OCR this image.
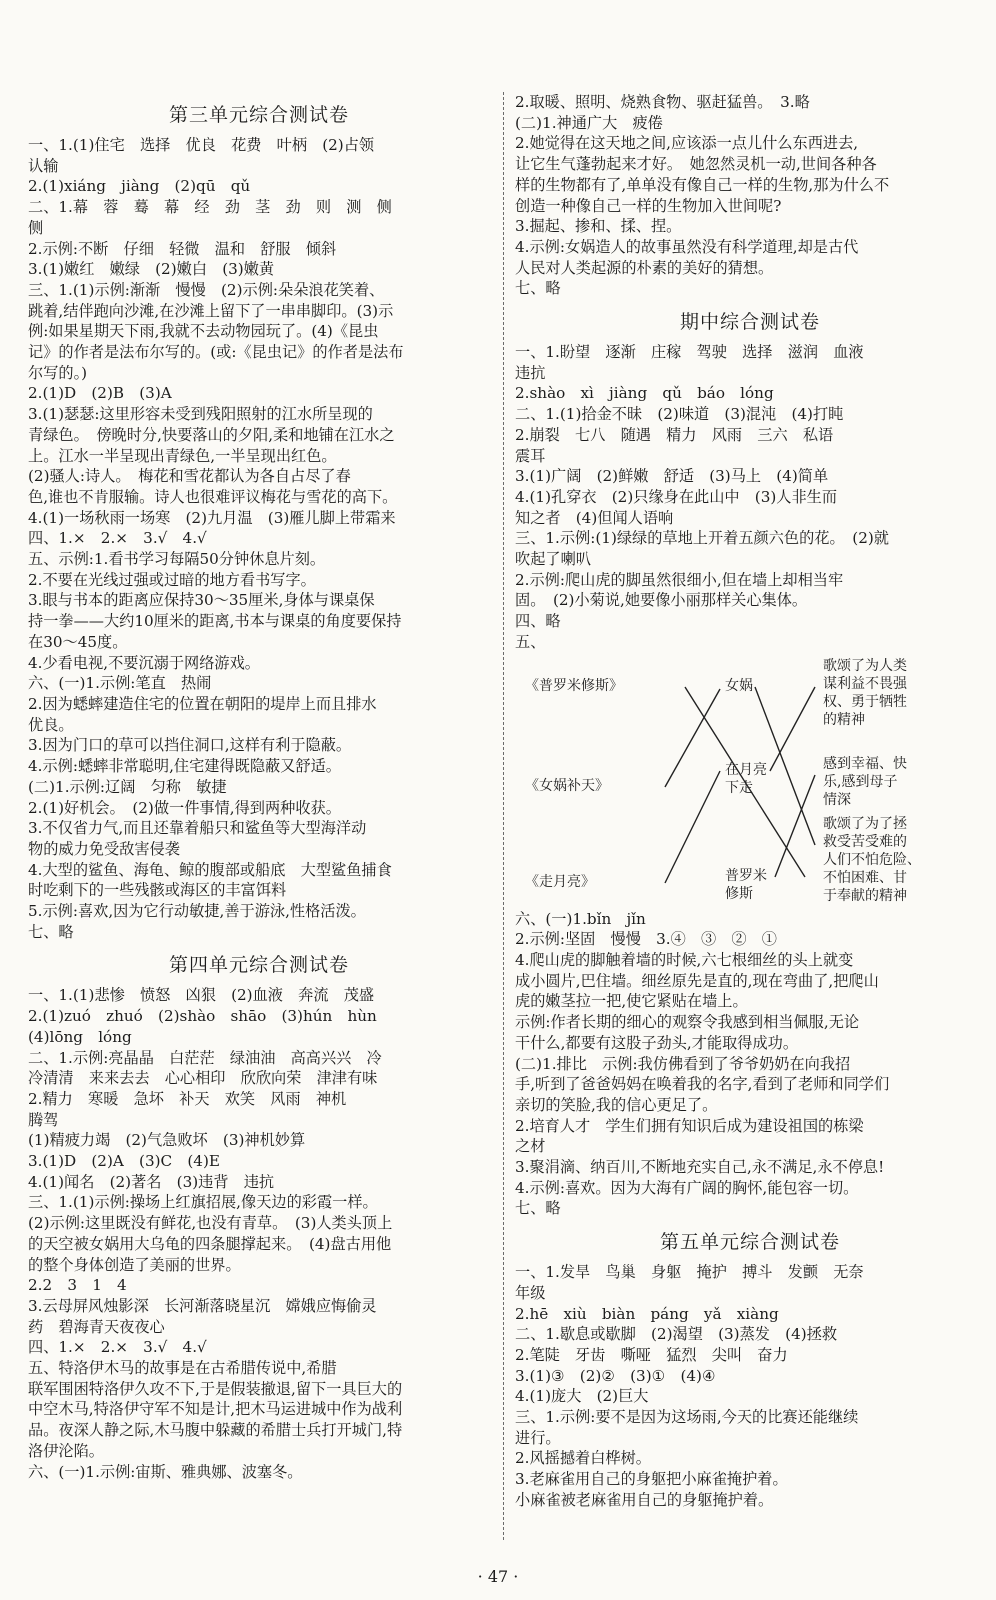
第三单元综合测试卷

一、1.(1)住宅　选择　优良　花费　叶柄　(2)占领

认输

2.(1)xiáng　jiàng　(2)qū　qǔ

二、1.幕　蓉　蓦　幕　经　劲　茎　劲　则　测　侧

侧

2.示例:不断　仔细　轻微　温和　舒服　倾斜

3.(1)嫩红　嫩绿　(2)嫩白　(3)嫩黄

三、1.(1)示例:渐渐　慢慢　(2)示例:朵朵浪花笑着、

跳着,结伴跑向沙滩,在沙滩上留下了一串串脚印。(3)示

例:如果星期天下雨,我就不去动物园玩了。(4)《昆虫

记》的作者是法布尔写的。(或:《昆虫记》的作者是法布

尔写的。)

2.(1)D　(2)B　(3)A

3.(1)瑟瑟:这里形容未受到残阳照射的江水所呈现的

青绿色。　傍晚时分,快要落山的夕阳,柔和地铺在江水之

上。江水一半呈现出青绿色,一半呈现出红色。

(2)骚人:诗人。　梅花和雪花都认为各自占尽了春

色,谁也不肯服输。诗人也很难评议梅花与雪花的高下。

4.(1)一场秋雨一场寒　(2)九月温　(3)雁儿脚上带霜来

四、1.×　2.×　3.√　4.√

五、示例:1.看书学习每隔50分钟休息片刻。

2.不要在光线过强或过暗的地方看书写字。

3.眼与书本的距离应保持30～35厘米,身体与课桌保

持一拳——大约10厘米的距离,书本与课桌的角度要保持

在30～45度。

4.少看电视,不要沉溺于网络游戏。

六、(一)1.示例:笔直　热闹

2.因为蟋蟀建造住宅的位置在朝阳的堤岸上而且排水

优良。

3.因为门口的草可以挡住洞口,这样有利于隐蔽。

4.示例:蟋蟀非常聪明,住宅建得既隐蔽又舒适。

(二)1.示例:辽阔　匀称　敏捷

2.(1)好机会。　(2)做一件事情,得到两种收获。

3.不仅省力气,而且还靠着船只和鲨鱼等大型海洋动

物的威力免受敌害侵袭

4.大型的鲨鱼、海龟、鲸的腹部或船底　大型鲨鱼捕食

时吃剩下的一些残骸或海区的丰富饵料

5.示例:喜欢,因为它行动敏捷,善于游泳,性格活泼。

七、略

第四单元综合测试卷

一、1.(1)悲惨　愤怒　凶狠　(2)血液　奔流　茂盛

2.(1)zuó　zhuó　(2)shào　shāo　(3)hún　hùn

(4)lōng　lóng

二、1.示例:亮晶晶　白茫茫　绿油油　高高兴兴　冷

冷清清　来来去去　心心相印　欣欣向荣　津津有味

2.精力　寒暖　急坏　补天　欢笑　风雨　神机

腾驾

(1)精疲力竭　(2)气急败坏　(3)神机妙算

3.(1)D　(2)A　(3)C　(4)E

4.(1)闻名　(2)著名　(3)违背　违抗

三、1.(1)示例:操场上红旗招展,像天边的彩霞一样。

(2)示例:这里既没有鲜花,也没有青草。　(3)人类头顶上

的天空被女娲用大乌龟的四条腿撑起来。　(4)盘古用他

的整个身体创造了美丽的世界。

2.2　3　1　4

3.云母屏风烛影深　长河渐落晓星沉　嫦娥应悔偷灵

药　碧海青天夜夜心

四、1.×　2.×　3.√　4.√

五、特洛伊木马的故事是在古希腊传说中,希腊

联军围困特洛伊久攻不下,于是假装撤退,留下一具巨大的

中空木马,特洛伊守军不知是计,把木马运进城中作为战利

品。夜深人静之际,木马腹中躲藏的希腊士兵打开城门,特

洛伊沦陷。

六、(一)1.示例:宙斯、雅典娜、波塞冬。

2.取暖、照明、烧熟食物、驱赶猛兽。　3.略

(二)1.神通广大　疲倦

2.她觉得在这天地之间,应该添一点儿什么东西进去,

让它生气蓬勃起来才好。　她忽然灵机一动,世间各种各

样的生物都有了,单单没有像自己一样的生物,那为什么不

创造一种像自己一样的生物加入世间呢?

3.掘起、掺和、揉、捏。

4.示例:女娲造人的故事虽然没有科学道理,却是古代

人民对人类起源的朴素的美好的猜想。

七、略

期中综合测试卷

一、1.盼望　逐渐　庄稼　驾驶　选择　滋润　血液

违抗

2.shào　xì　jiàng　qǔ　báo　lóng

二、1.(1)拾金不昧　(2)味道　(3)混沌　(4)打盹

2.崩裂　七八　随遇　精力　风雨　三六　私语

震耳

3.(1)广阔　(2)鲜嫩　舒适　(3)马上　(4)简单

4.(1)孔穿衣　(2)只缘身在此山中　(3)人非生而

知之者　(4)但闻人语响

三、1.示例:(1)绿绿的草地上开着五颜六色的花。　(2)就

吹起了喇叭

2.示例:爬山虎的脚虽然很细小,但在墙上却相当牢

固。　(2)小菊说,她要像小丽那样关心集体。

四、略

五、

《普罗米修斯》
《女娲补天》
《走月亮》
女娲
在月亮
下走
普罗米
修斯
歌颂了为人类
谋利益不畏强
权、勇于牺牲
的精神
感到幸福、快
乐,感到母子
情深
歌颂了为了拯
救受苦受难的
人们不怕危险、
不怕困难、甘
于奉献的精神

六、(一)1.bǐn　jǐn

2.示例:坚固　慢慢　3.④　③　②　①

4.爬山虎的脚触着墙的时候,六七根细丝的头上就变

成小圆片,巴住墙。细丝原先是直的,现在弯曲了,把爬山

虎的嫩茎拉一把,使它紧贴在墙上。

示例:作者长期的细心的观察令我感到相当佩服,无论

干什么,都要有这股子劲头,才能取得成功。

(二)1.排比　示例:我仿佛看到了爷爷奶奶在向我招

手,听到了爸爸妈妈在唤着我的名字,看到了老师和同学们

亲切的笑脸,我的信心更足了。

2.培育人才　学生们拥有知识后成为建设祖国的栋梁

之材

3.聚涓滴、纳百川,不断地充实自己,永不满足,永不停息!

4.示例:喜欢。因为大海有广阔的胸怀,能包容一切。

七、略

第五单元综合测试卷

一、1.发旱　鸟巢　身躯　掩护　搏斗　发颤　无奈

年级

2.hē　xiù　biàn　páng　yǎ　xiàng

二、1.歇息或歇脚　(2)渴望　(3)蒸发　(4)拯救

2.笔陡　牙齿　嘶哑　猛烈　尖叫　奋力

3.(1)③　(2)②　(3)①　(4)④

4.(1)庞大　(2)巨大

三、1.示例:要不是因为这场雨,今天的比赛还能继续

进行。

2.风摇撼着白桦树。

3.老麻雀用自己的身躯把小麻雀掩护着。

小麻雀被老麻雀用自己的身躯掩护着。

· 47 ·
